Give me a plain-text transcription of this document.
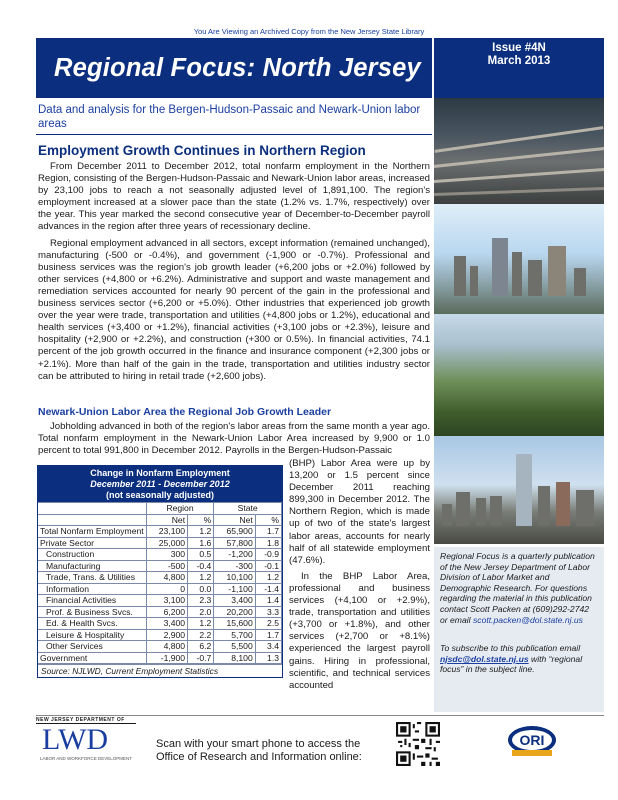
You Are Viewing an Archived Copy from the New Jersey State Library
Regional Focus: North Jersey
Issue #4N
March 2013
Data and analysis for the Bergen-Hudson-Passaic and Newark-Union labor areas
Employment Growth Continues in Northern Region

From December 2011 to December 2012, total nonfarm employment in the Northern Region, consisting of the Bergen-Hudson-Passaic and Newark-Union labor areas, increased by 23,100 jobs to reach a not seasonally adjusted level of 1,891,100. The region's employment increased at a slower pace than the state (1.2% vs. 1.7%, respectively) over the year. This year marked the second consecutive year of December-to-December payroll advances in the region after three years of recessionary decline.

Regional employment advanced in all sectors, except information (remained unchanged), manufacturing (-500 or -0.4%), and government (-1,900 or -0.7%). Professional and business services was the region's job growth leader (+6,200 jobs or +2.0%) followed by other services (+4,800 or +6.2%). Administrative and support and waste management and remediation services accounted for nearly 90 percent of the gain in the professional and business services sector (+6,200 or +5.0%). Other industries that experienced job growth over the year were trade, transportation and utilities (+4,800 jobs or 1.2%), educational and health services (+3,400 or +1.2%), financial activities (+3,100 jobs or +2.3%), leisure and hospitality (+2,900 or +2.2%), and construction (+300 or 0.5%). In financial activities, 74.1 percent of the job growth occurred in the finance and insurance component (+2,300 jobs or +2.1%). More than half of the gain in the trade, transportation and utilities industry sector can be attributed to hiring in retail trade (+2,600 jobs).

Newark-Union Labor Area the Regional Job Growth Leader

Jobholding advanced in both of the region's labor areas from the same month a year ago. Total nonfarm employment in the Newark-Union Labor Area increased by 9,900 or 1.0 percent to total 991,800 in December 2012. Payrolls in the Bergen-Hudson-Passaic

(BHP) Labor Area were up by 13,200 or 1.5 percent since December 2011 reaching 899,300 in December 2012. The Northern Region, which is made up of two of the state's largest labor areas, accounts for nearly half of all statewide employment (47.6%).

In the BHP Labor Area, professional and business services (+4,100 or +2.9%), trade, transportation and utilities (+3,700 or +1.8%), and other services (+2,700 or +8.1%) experienced the largest payroll gains. Hiring in professional, scientific, and technical services accounted

Change in Nonfarm Employment
December 2011 - December 2012
(not seasonally adjusted)
	Region		State	
	Net	%	Net	%
Total Nonfarm Employment	23,100	1.2	65,900	1.7
Private Sector	25,000	1.6	57,800	1.8
Construction	300	0.5	-1,200	-0.9
Manufacturing	-500	-0.4	-300	-0.1
Trade, Trans. & Utilities	4,800	1.2	10,100	1.2
Information	0	0.0	-1,100	-1.4
Financial Activities	3,100	2.3	3,400	1.4
Prof. & Business Svcs.	6,200	2.0	20,200	3.3
Ed. & Health Svcs.	3,400	1.2	15,600	2.5
Leisure & Hospitality	2,900	2.2	5,700	1.7
Other Services	4,800	6.2	5,500	3.4
Government	-1,900	-0.7	8,100	1.3
Source: NJLWD, Current Employment Statistics

Regional Focus is a quarterly publication of the New Jersey Department of Labor Division of Labor Market and Demographic Research. For questions regarding the material in this publication contact Scott Packen at (609)292-2742 or email scott.packen@dol.state.nj.us

To subscribe to this publication email njsdc@dol.state.nj.us with “regional focus” in the subject line.

NEW JERSEY DEPARTMENT OF
LWD
LABOR AND WORKFORCE DEVELOPMENT
Scan with your smart phone to access the Office of Research and Information online:
ORI
